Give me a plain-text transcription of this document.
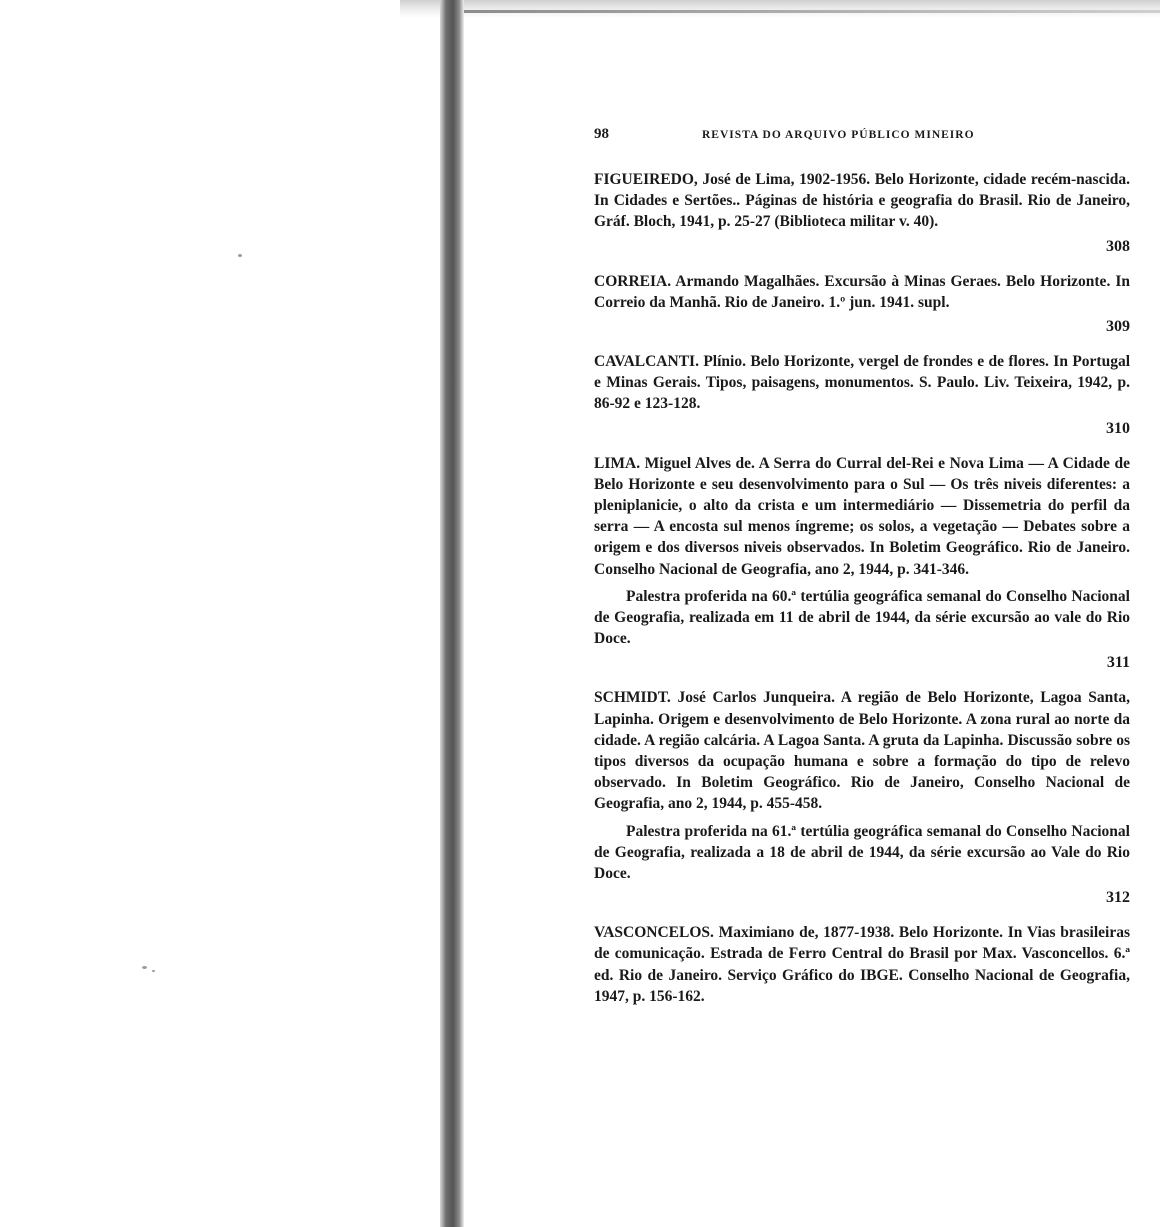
98	REVISTA DO ARQUIVO PÚBLICO MINEIRO
FIGUEIREDO, José de Lima, 1902-1956. Belo Horizonte, cidade recém-nascida. In Cidades e Sertões.. Páginas de história e geografia do Brasil. Rio de Janeiro, Gráf. Bloch, 1941, p. 25-27 (Biblioteca militar v. 40).
308
CORREIA. Armando Magalhães. Excursão à Minas Geraes. Belo Horizonte. In Correio da Manhã. Rio de Janeiro. 1.º jun. 1941. supl.
309
CAVALCANTI. Plínio. Belo Horizonte, vergel de frondes e de flores. In Portugal e Minas Gerais. Tipos, paisagens, monumentos. S. Paulo. Liv. Teixeira, 1942, p. 86-92 e 123-128.
310
LIMA. Miguel Alves de. A Serra do Curral del-Rei e Nova Lima — A Cidade de Belo Horizonte e seu desenvolvimento para o Sul — Os três niveis diferentes: a pleniplanicie, o alto da crista e um intermediário — Dissemetria do perfil da serra — A encosta sul menos íngreme; os solos, a vegetação — Debates sobre a origem e dos diversos niveis observados. In Boletim Geográfico. Rio de Janeiro. Conselho Nacional de Geografia, ano 2, 1944, p. 341-346.
Palestra proferida na 60.ª tertúlia geográfica semanal do Conselho Nacional de Geografia, realizada em 11 de abril de 1944, da série excursão ao vale do Rio Doce.
311
SCHMIDT. José Carlos Junqueira. A região de Belo Horizonte, Lagoa Santa, Lapinha. Origem e desenvolvimento de Belo Horizonte. A zona rural ao norte da cidade. A região calcária. A Lagoa Santa. A gruta da Lapinha. Discussão sobre os tipos diversos da ocupação humana e sobre a formação do tipo de relevo observado. In Boletim Geográfico. Rio de Janeiro, Conselho Nacional de Geografia, ano 2, 1944, p. 455-458.
Palestra proferida na 61.ª tertúlia geográfica semanal do Conselho Nacional de Geografia, realizada a 18 de abril de 1944, da série excursão ao Vale do Rio Doce.
312
VASCONCELOS. Maximiano de, 1877-1938. Belo Horizonte. In Vias brasileiras de comunicação. Estrada de Ferro Central do Brasil por Max. Vasconcellos. 6.ª ed. Rio de Janeiro. Serviço Gráfico do IBGE. Conselho Nacional de Geografia, 1947, p. 156-162.
